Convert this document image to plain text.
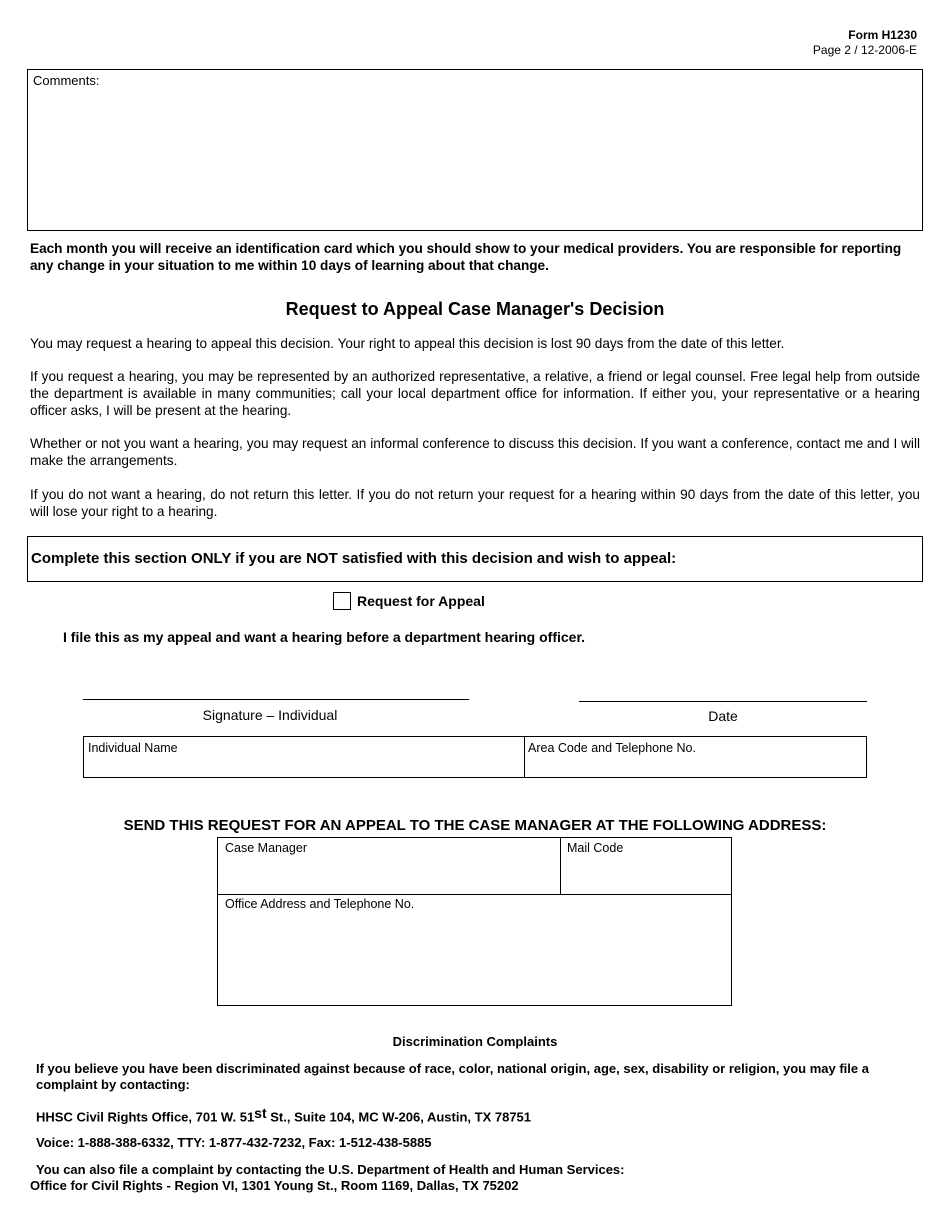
Form H1230
Page 2 / 12-2006-E
Comments:
Each month you will receive an identification card which you should show to your medical providers. You are responsible for reporting any change in your situation to me within 10 days of learning about that change.
Request to Appeal Case Manager's Decision
You may request a hearing to appeal this decision. Your right to appeal this decision is lost 90 days from the date of this letter.
If you request a hearing, you may be represented by an authorized representative, a relative, a friend or legal counsel. Free legal help from outside the department is available in many communities; call your local department office for information. If either you, your representative or a hearing officer asks, I will be present at the hearing.
Whether or not you want a hearing, you may request an informal conference to discuss this decision. If you want a conference, contact me and I will make the arrangements.
If you do not want a hearing, do not return this letter. If you do not return your request for a hearing within 90 days from the date of this letter, you will lose your right to a hearing.
Complete this section ONLY if you are NOT satisfied with this decision and wish to appeal:
Request for Appeal
I file this as my appeal and want a hearing before a department hearing officer.
Signature – Individual	Date
Individual Name	Area Code and Telephone No.
SEND THIS REQUEST FOR AN APPEAL TO THE CASE MANAGER AT THE FOLLOWING ADDRESS:
Case Manager	Mail Code
Office Address and Telephone No.
Discrimination Complaints
If you believe you have been discriminated against because of race, color, national origin, age, sex, disability or religion, you may file a complaint by contacting:
HHSC Civil Rights Office, 701 W. 51st St., Suite 104, MC W-206, Austin, TX 78751
Voice: 1-888-388-6332, TTY: 1-877-432-7232, Fax: 1-512-438-5885
You can also file a complaint by contacting the U.S. Department of Health and Human Services:
Office for Civil Rights - Region VI, 1301 Young St., Room 1169, Dallas, TX 75202
